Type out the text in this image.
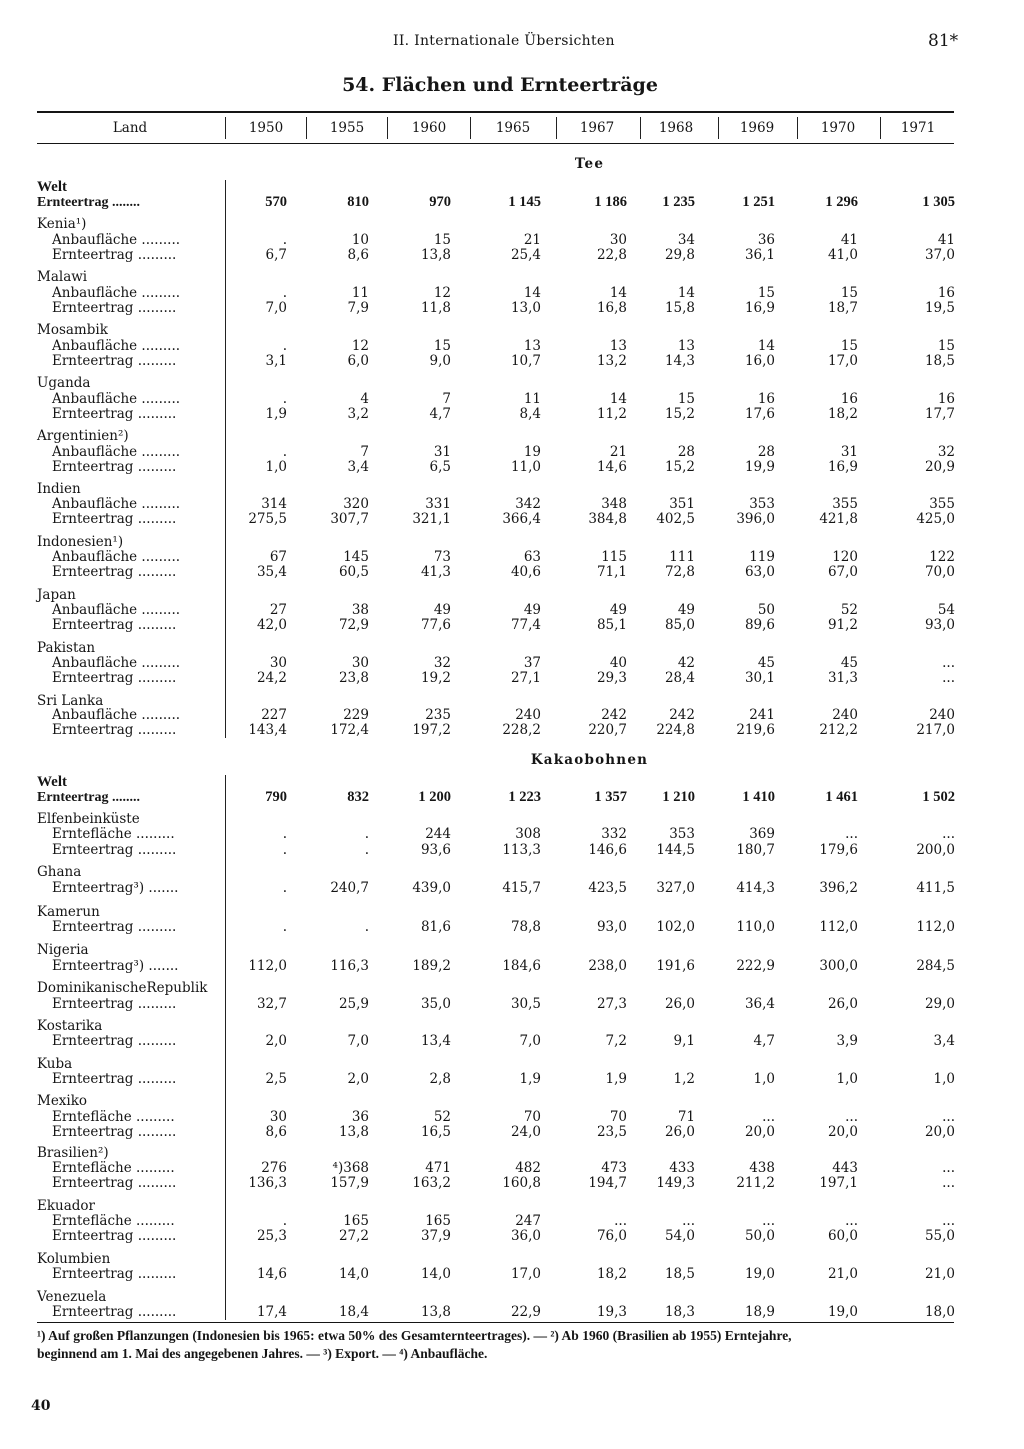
II. Internationale Übersichten	81*
54. Flächen und Ernteerträge
Land	1950	1955	1960	1965	1967	1968	1969	1970	1971
Tee
Welt
Ernteertrag ........	570	810	970	1 145	1 186	1 235	1 251	1 296	1 305
Kenia¹)
Anbaufläche .........	.	10	15	21	30	34	36	41	41
Ernteertrag .........	6,7	8,6	13,8	25,4	22,8	29,8	36,1	41,0	37,0
Malawi
Anbaufläche .........	.	11	12	14	14	14	15	15	16
Ernteertrag .........	7,0	7,9	11,8	13,0	16,8	15,8	16,9	18,7	19,5
Mosambik
Anbaufläche .........	.	12	15	13	13	13	14	15	15
Ernteertrag .........	3,1	6,0	9,0	10,7	13,2	14,3	16,0	17,0	18,5
Uganda
Anbaufläche .........	.	4	7	11	14	15	16	16	16
Ernteertrag .........	1,9	3,2	4,7	8,4	11,2	15,2	17,6	18,2	17,7
Argentinien²)
Anbaufläche .........	.	7	31	19	21	28	28	31	32
Ernteertrag .........	1,0	3,4	6,5	11,0	14,6	15,2	19,9	16,9	20,9
Indien
Anbaufläche .........	314	320	331	342	348	351	353	355	355
Ernteertrag .........	275,5	307,7	321,1	366,4	384,8	402,5	396,0	421,8	425,0
Indonesien¹)
Anbaufläche .........	67	145	73	63	115	111	119	120	122
Ernteertrag .........	35,4	60,5	41,3	40,6	71,1	72,8	63,0	67,0	70,0
Japan
Anbaufläche .........	27	38	49	49	49	49	50	52	54
Ernteertrag .........	42,0	72,9	77,6	77,4	85,1	85,0	89,6	91,2	93,0
Pakistan
Anbaufläche .........	30	30	32	37	40	42	45	45	...
Ernteertrag .........	24,2	23,8	19,2	27,1	29,3	28,4	30,1	31,3	...
Sri Lanka
Anbaufläche .........	227	229	235	240	242	242	241	240	240
Ernteertrag .........	143,4	172,4	197,2	228,2	220,7	224,8	219,6	212,2	217,0
Kakaobohnen
Welt
Ernteertrag ........	790	832	1 200	1 223	1 357	1 210	1 410	1 461	1 502
Elfenbeinküste
Erntefläche .........	.	.	244	308	332	353	369	...	...
Ernteertrag .........	.	.	93,6	113,3	146,6	144,5	180,7	179,6	200,0
Ghana
Ernteertrag³) .......	.	240,7	439,0	415,7	423,5	327,0	414,3	396,2	411,5
Kamerun
Ernteertrag .........	.	.	81,6	78,8	93,0	102,0	110,0	112,0	112,0
Nigeria
Ernteertrag³) .......	112,0	116,3	189,2	184,6	238,0	191,6	222,9	300,0	284,5
DominikanischeRepublik
Ernteertrag .........	32,7	25,9	35,0	30,5	27,3	26,0	36,4	26,0	29,0
Kostarika
Ernteertrag .........	2,0	7,0	13,4	7,0	7,2	9,1	4,7	3,9	3,4
Kuba
Ernteertrag .........	2,5	2,0	2,8	1,9	1,9	1,2	1,0	1,0	1,0
Mexiko
Erntefläche .........	30	36	52	70	70	71	...	...	...
Ernteertrag .........	8,6	13,8	16,5	24,0	23,5	26,0	20,0	20,0	20,0
Brasilien²)
Erntefläche .........	276	⁴)368	471	482	473	433	438	443	...
Ernteertrag .........	136,3	157,9	163,2	160,8	194,7	149,3	211,2	197,1	...
Ekuador
Erntefläche .........	.	165	165	247	...	...	...	...	...
Ernteertrag .........	25,3	27,2	37,9	36,0	76,0	54,0	50,0	60,0	55,0
Kolumbien
Ernteertrag .........	14,6	14,0	14,0	17,0	18,2	18,5	19,0	21,0	21,0
Venezuela
Ernteertrag .........	17,4	18,4	13,8	22,9	19,3	18,3	18,9	19,0	18,0
¹) Auf großen Pflanzungen (Indonesien bis 1965: etwa 50% des Gesamternteertrages). — ²) Ab 1960 (Brasilien ab 1955) Erntejahre,
beginnend am 1. Mai des angegebenen Jahres. — ³) Export. — ⁴) Anbaufläche.
40
